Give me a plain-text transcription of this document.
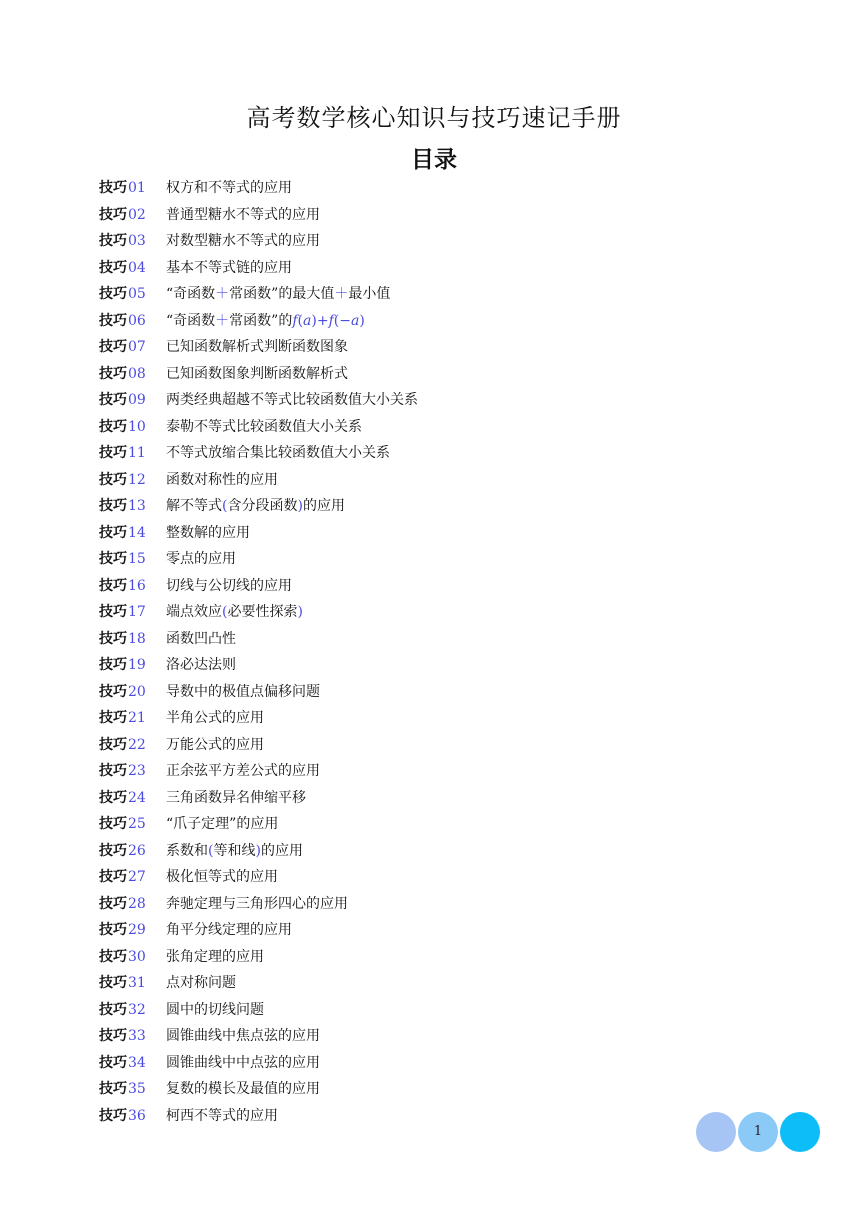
高考数学核心知识与技巧速记手册
目录
技巧 01	权方和不等式的应用
技巧 02	普通型糖水不等式的应用
技巧 03	对数型糖水不等式的应用
技巧 04	基本不等式链的应用
技巧 05	“奇函数＋常函数”的最大值＋最小值
技巧 06	“奇函数＋常函数”的f(a)+f(−a)
技巧 07	已知函数解析式判断函数图象
技巧 08	已知函数图象判断函数解析式
技巧 09	两类经典超越不等式比较函数值大小关系
技巧 10	泰勒不等式比较函数值大小关系
技巧 11	不等式放缩合集比较函数值大小关系
技巧 12	函数对称性的应用
技巧 13	解不等式(含分段函数)的应用
技巧 14	整数解的应用
技巧 15	零点的应用
技巧 16	切线与公切线的应用
技巧 17	端点效应(必要性探索)
技巧 18	函数凹凸性
技巧 19	洛必达法则
技巧 20	导数中的极值点偏移问题
技巧 21	半角公式的应用
技巧 22	万能公式的应用
技巧 23	正余弦平方差公式的应用
技巧 24	三角函数异名伸缩平移
技巧 25	“爪子定理”的应用
技巧 26	系数和(等和线)的应用
技巧 27	极化恒等式的应用
技巧 28	奔驰定理与三角形四心的应用
技巧 29	角平分线定理的应用
技巧 30	张角定理的应用
技巧 31	点对称问题
技巧 32	圆中的切线问题
技巧 33	圆锥曲线中焦点弦的应用
技巧 34	圆锥曲线中中点弦的应用
技巧 35	复数的模长及最值的应用
技巧 36	柯西不等式的应用
1
